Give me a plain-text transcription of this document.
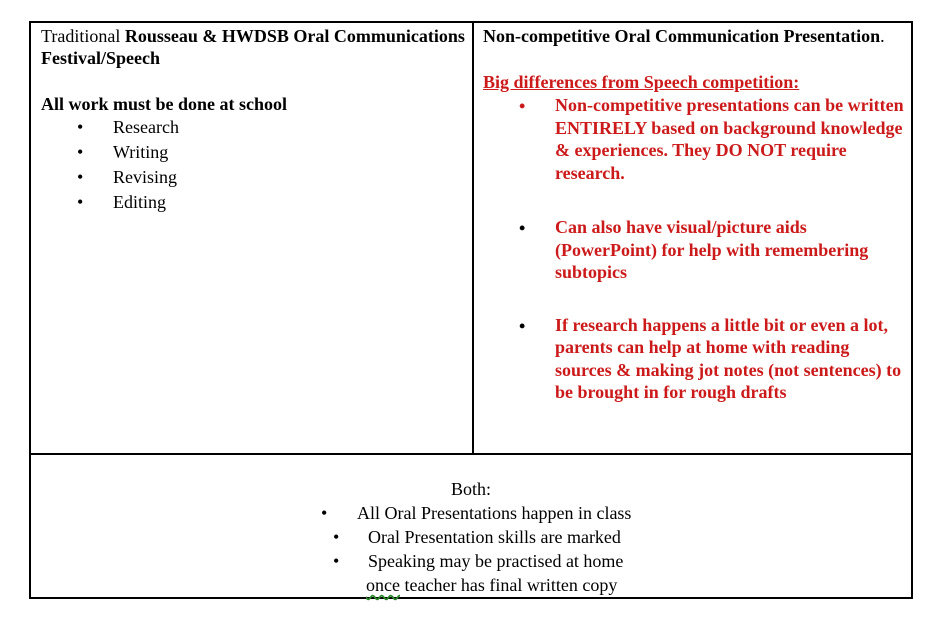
Traditional Rousseau & HWDSB Oral Communications Festival/Speech
All work must be done at school
• Research
• Writing
• Revising
• Editing
Non-competitive Oral Communication Presentation.
Big differences from Speech competition:
• Non-competitive presentations can be written ENTIRELY based on background knowledge & experiences. They DO NOT require research.
• Can also have visual/picture aids (PowerPoint) for help with remembering subtopics
• If research happens a little bit or even a lot, parents can help at home with reading sources & making jot notes (not sentences) to be brought in for rough drafts
Both:
• All Oral Presentations happen in class

• Oral Presentation skills are marked

• Speaking may be practised at home

once teacher has final written copy
